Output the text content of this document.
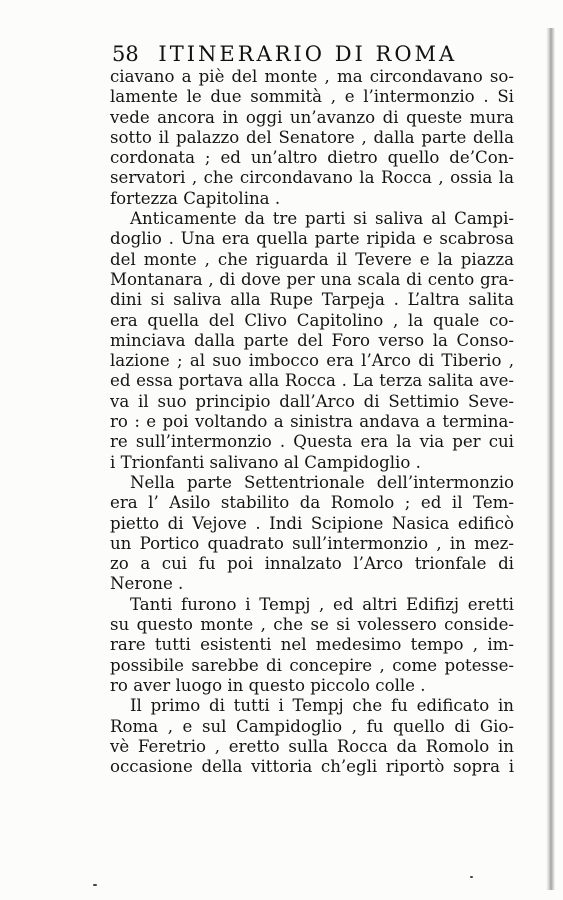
58 ITINERARIO DI ROMA
ciavano a piè del monte , ma circondavano so-
lamente le due sommità , e l’intermonzio . Si
vede ancora in oggi un’avanzo di queste mura
sotto il palazzo del Senatore , dalla parte della
cordonata ; ed un’altro dietro quello de’Con-
servatori , che circondavano la Rocca , ossia la
fortezza Capitolina .
Anticamente da tre parti si saliva al Campi-
doglio . Una era quella parte ripida e scabrosa
del monte , che riguarda il Tevere e la piazza
Montanara , di dove per una scala di cento gra-
dini si saliva alla Rupe Tarpeja . L’altra salita
era quella del Clivo Capitolino , la quale co-
minciava dalla parte del Foro verso la Conso-
lazione ; al suo imbocco era l’Arco di Tiberio ,
ed essa portava alla Rocca . La terza salita ave-
va il suo principio dall’Arco di Settimio Seve-
ro : e poi voltando a sinistra andava a termina-
re sull’intermonzio . Questa era la via per cui
i Trionfanti salivano al Campidoglio .
Nella parte Settentrionale dell’intermonzio
era l’ Asilo stabilito da Romolo ; ed il Tem-
pietto di Vejove . Indi Scipione Nasica edificò
un Portico quadrato sull’intermonzio , in mez-
zo a cui fu poi innalzato l’Arco trionfale di
Nerone .
Tanti furono i Tempj , ed altri Edifizj eretti
su questo monte , che se si volessero conside-
rare tutti esistenti nel medesimo tempo , im-
possibile sarebbe di concepire , come potesse-
ro aver luogo in questo piccolo colle .
Il primo di tutti i Tempj che fu edificato in
Roma , e sul Campidoglio , fu quello di Gio-
vè Feretrio , eretto sulla Rocca da Romolo in
occasione della vittoria ch’egli riportò sopra i
